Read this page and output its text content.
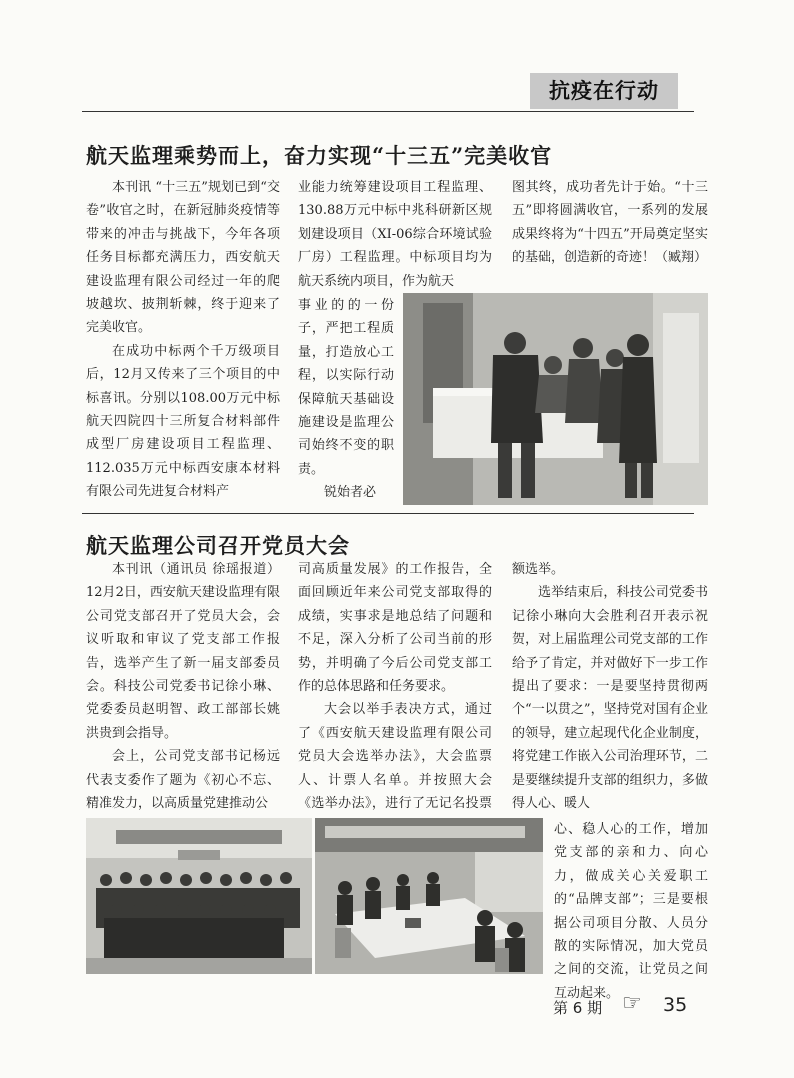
抗疫在行动
航天监理乘势而上，奋力实现“十三五”完美收官

本刊讯 “十三五”规划已到“交卷”收官之时，在新冠肺炎疫情等带来的冲击与挑战下，今年各项任务目标都充满压力，西安航天建设监理有限公司经过一年的爬坡越坎、披荆斩棘，终于迎来了完美收官。

在成功中标两个千万级项目后，12月又传来了三个项目的中标喜讯。分别以108.00万元中标航天四院四十三所复合材料部件成型厂房建设项目工程监理、112.035万元中标西安康本材料有限公司先进复合材料产

业能力统筹建设项目工程监理、130.88万元中标中兆科研新区规划建设项目（XI-06综合环境试验厂房）工程监理。中标项目均为航天系统内项目，作为航天

事业的的一份子，严把工程质量，打造放心工程，以实际行动保障航天基础设施建设是监理公司始终不变的职责。

锐始者必

图其终，成功者先计于始。“十三五”即将圆满收官，一系列的发展成果终将为“十四五”开局奠定坚实的基础，创造新的奇迹！（臧翔）

航天监理公司召开党员大会

本刊讯（通讯员 徐瑶报道） 12月2日，西安航天建设监理有限公司党支部召开了党员大会，会议听取和审议了党支部工作报告，选举产生了新一届支部委员会。科技公司党委书记徐小琳、党委委员赵明智、政工部部长姚洪贵到会指导。

会上，公司党支部书记杨远代表支委作了题为《初心不忘、精准发力，以高质量党建推动公

司高质量发展》的工作报告，全面回顾近年来公司党支部取得的成绩，实事求是地总结了问题和不足，深入分析了公司当前的形势，并明确了今后公司党支部工作的总体思路和任务要求。

大会以举手表决方式，通过了《西安航天建设监理有限公司党员大会选举办法》，大会监票人、计票人名单。并按照大会《选举办法》，进行了无记名投票

额选举。

选举结束后，科技公司党委书记徐小琳向大会胜利召开表示祝贺，对上届监理公司党支部的工作给予了肯定，并对做好下一步工作提出了要求：一是要坚持贯彻两个“一以贯之”，坚持党对国有企业的领导，建立起现代化企业制度，将党建工作嵌入公司治理环节，二是要继续提升支部的组织力，多做得人心、暖人

心、稳人心的工作，增加党支部的亲和力、向心力，做成关心关爱职工的“品牌支部”；三是要根据公司项目分散、人员分散的实际情况，加大党员之间的交流，让党员之间互动起来。

第 6 期 ☞ 35
